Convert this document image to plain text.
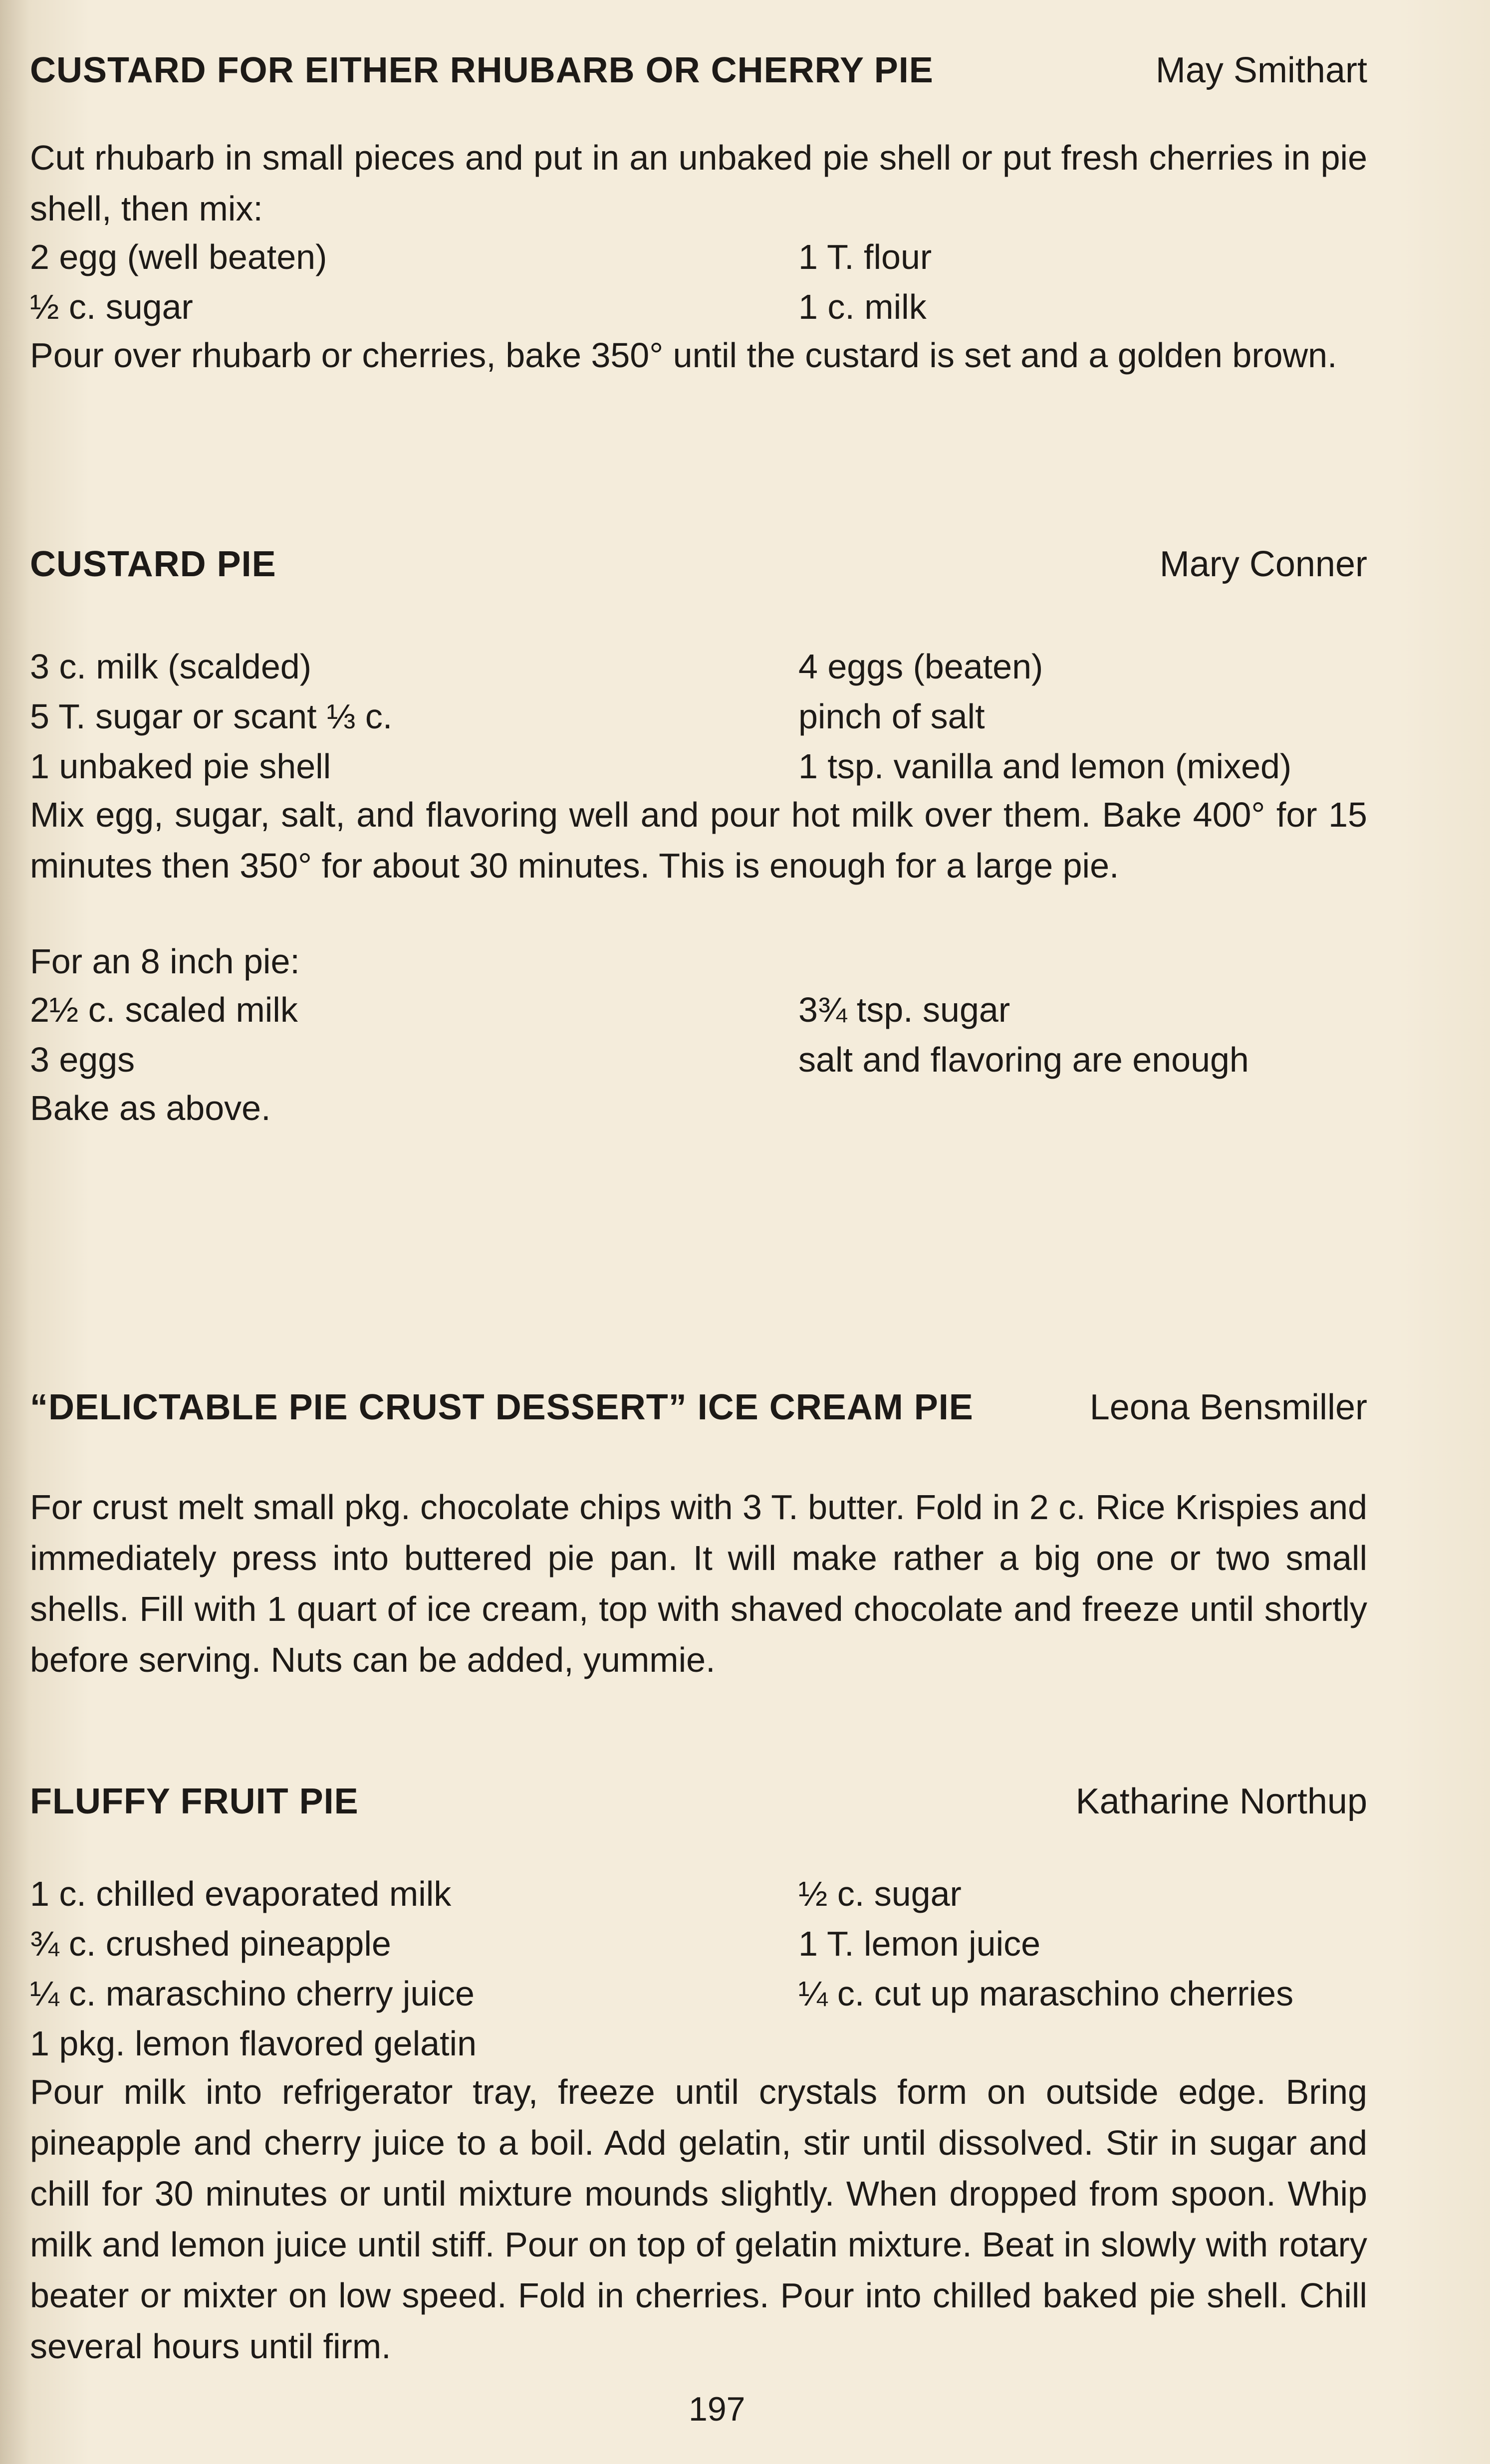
CUSTARD FOR EITHER RHUBARB OR CHERRY PIE	May Smithart

Cut rhubarb in small pieces and put in an unbaked pie shell or put fresh cherries in pie shell, then mix:

2 egg (well beaten)	1 T. flour
½ c. sugar	1 c. milk

Pour over rhubarb or cherries, bake 350° until the custard is set and a golden brown.

CUSTARD PIE	Mary Conner
3 c. milk (scalded)	4 eggs (beaten)
5 T. sugar or scant ⅓ c.	pinch of salt
1 unbaked pie shell	1 tsp. vanilla and lemon (mixed)

Mix egg, sugar, salt, and flavoring well and pour hot milk over them. Bake 400° for 15 minutes then 350° for about 30 minutes. This is enough for a large pie.

For an 8 inch pie:
2½ c. scaled milk	3¾ tsp. sugar
3 eggs	salt and flavoring are enough
Bake as above.
“DELICTABLE PIE CRUST DESSERT” ICE CREAM PIE	Leona Bensmiller

For crust melt small pkg. chocolate chips with 3 T. butter. Fold in 2 c. Rice Krispies and immediately press into buttered pie pan. It will make rather a big one or two small shells. Fill with 1 quart of ice cream, top with shaved chocolate and freeze until shortly before serving. Nuts can be added, yummie.

FLUFFY FRUIT PIE	Katharine Northup
1 c. chilled evaporated milk	½ c. sugar
¾ c. crushed pineapple	1 T. lemon juice
¼ c. maraschino cherry juice	¼ c. cut up maraschino cherries
1 pkg. lemon flavored gelatin

Pour milk into refrigerator tray, freeze until crystals form on outside edge. Bring pineapple and cherry juice to a boil. Add gelatin, stir until dissolved. Stir in sugar and chill for 30 minutes or until mixture mounds slightly. When dropped from spoon. Whip milk and lemon juice until stiff. Pour on top of gelatin mixture. Beat in slowly with rotary beater or mixter on low speed. Fold in cherries. Pour into chilled baked pie shell. Chill several hours until firm.

197
